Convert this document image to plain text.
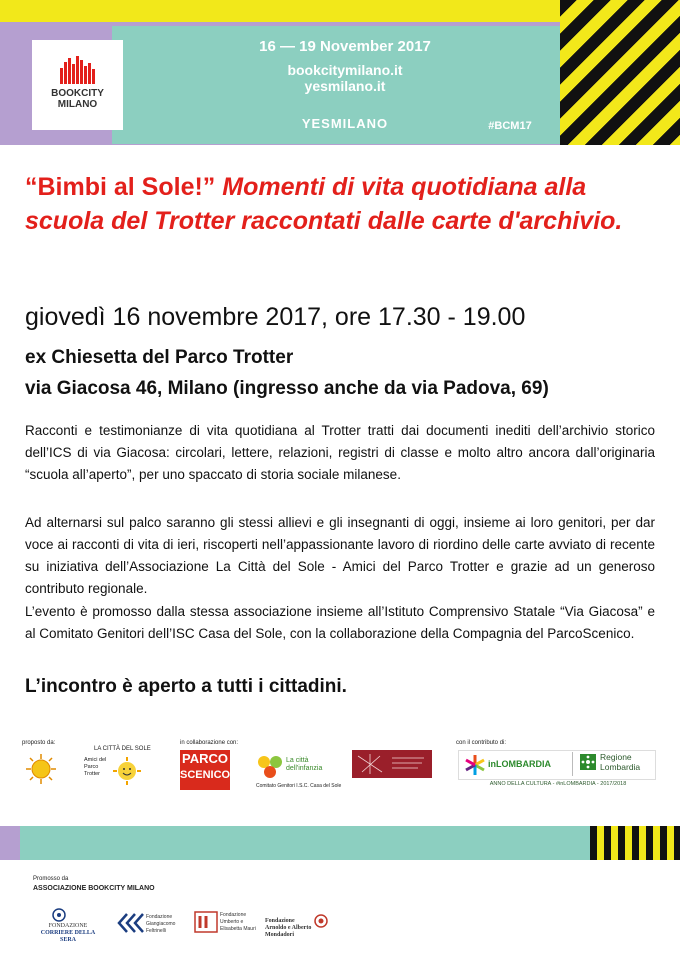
BOOKCITY
MILANO
16 — 19 November 2017
bookcitymilano.it
yesmilano.it
YESMILANO	#BCM17
“Bimbi al Sole!” Momenti di vita quotidiana alla scuola del Trotter raccontati dalle carte d'archivio.
giovedì 16 novembre 2017, ore 17.30 - 19.00
ex Chiesetta del Parco Trotter
via Giacosa 46, Milano (ingresso anche da via Padova, 69)
Racconti e testimonianze di vita quotidiana al Trotter tratti dai documenti inediti dell’archivio storico dell’ICS di via Giacosa: circolari, lettere, relazioni, registri di classe e molto altro ancora dall’originaria “scuola all’aperto”, per uno spaccato di storia sociale milanese.
Ad alternarsi sul palco saranno gli stessi allievi e gli insegnanti di oggi, insieme ai loro genitori, per dar voce ai racconti di vita di ieri, riscoperti nell’appassionante lavoro di riordino delle carte avviato di recente su iniziativa dell’Associazione La Città del Sole - Amici del Parco Trotter e grazie ad un generoso contributo regionale.
L’evento è promosso dalla stessa associazione insieme all’Istituto Comprensivo Statale “Via Giacosa” e al Comitato Genitori dell’ISC Casa del Sole, con la collaborazione della Compagnia del ParcoScenico.
L’incontro è aperto a tutti i cittadini.
proposto da:
LA CITTÀ DEL SOLE
Amici del Parco Trotter
in collaborazione con:
PARCO
SCENICO
La città dell'infanzia
Comitato Genitori I.S.C. Casa del Sole
con il contributo di:
inLOMBARDIA
Regione
Lombardia
ANNO DELLA CULTURA - #inLOMBARDIA - 2017/2018
Promosso da
ASSOCIAZIONE BOOKCITY MILANO
FONDAZIONE
CORRIERE DELLA SERA
Fondazione Giangiacomo Feltrinelli
Fondazione Umberto e Elisabetta Mauri
Fondazione Arnoldo e Alberto Mondadori
